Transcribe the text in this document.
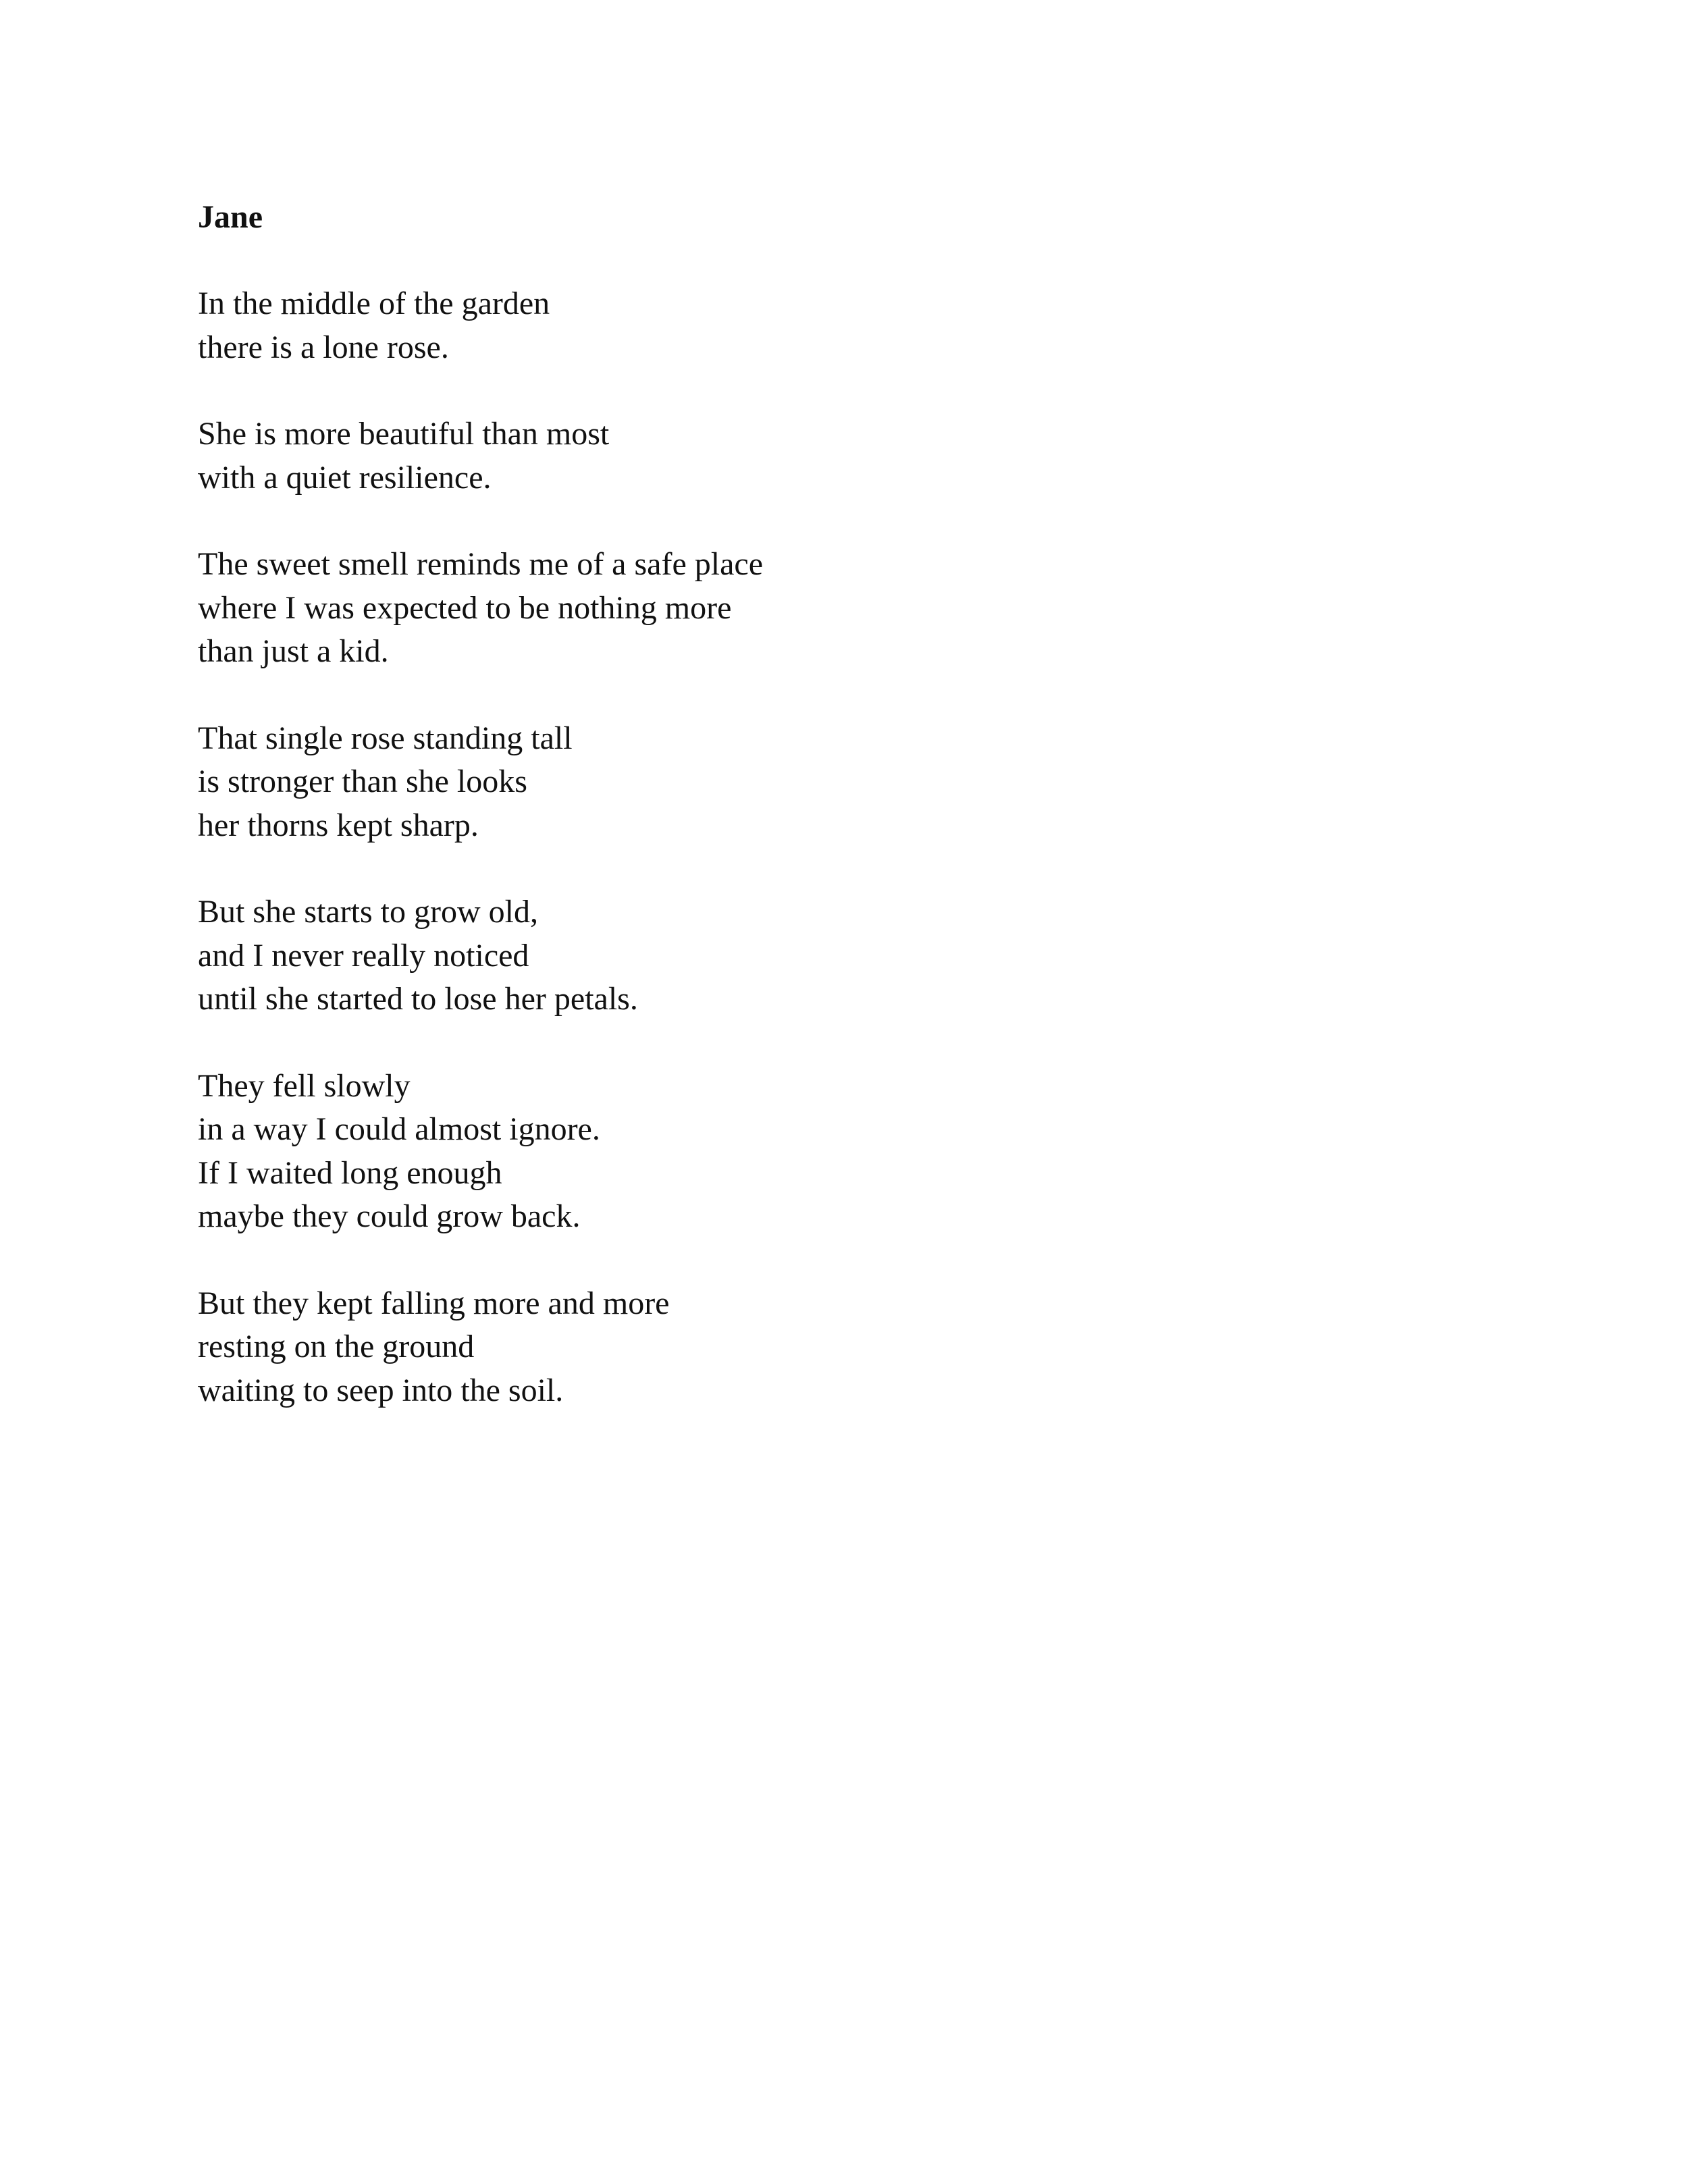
Jane
In the middle of the garden
there is a lone rose.
She is more beautiful than most
with a quiet resilience.
The sweet smell reminds me of a safe place
where I was expected to be nothing more
than just a kid.
That single rose standing tall
is stronger than she looks
her thorns kept sharp.
But she starts to grow old,
and I never really noticed
until she started to lose her petals.
They fell slowly
in a way I could almost ignore.
If I waited long enough
maybe they could grow back.
But they kept falling more and more
resting on the ground
waiting to seep into the soil.
